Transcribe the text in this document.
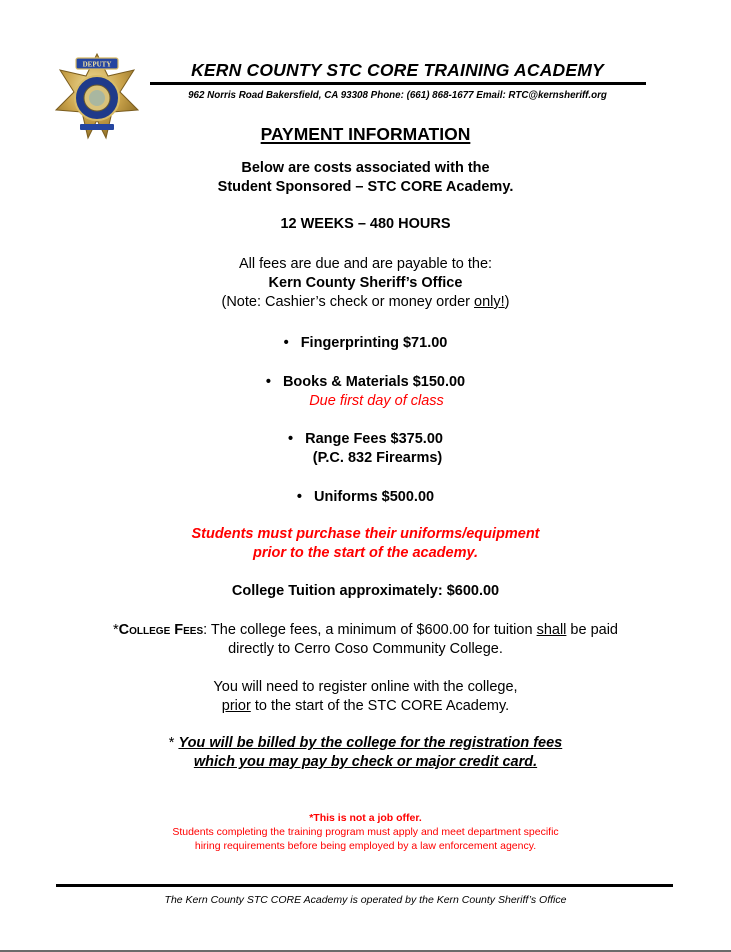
DEPUTY	KERN COUNTY STC CORE TRAINING ACADEMY
962 Norris Road Bakersfield, CA 93308 Phone: (661) 868-1677 Email: RTC@kernsheriff.org
PAYMENT INFORMATION
Below are costs associated with the
Student Sponsored – STC CORE Academy.
12 WEEKS – 480 HOURS
All fees are due and are payable to the:
Kern County Sheriff’s Office
(Note: Cashier’s check or money order only!)
• Fingerprinting $71.00
• Books & Materials $150.00
Due first day of class
• Range Fees $375.00
(P.C. 832 Firearms)
• Uniforms $500.00
Students must purchase their uniforms/equipment
prior to the start of the academy.
College Tuition approximately: $600.00
*College Fees: The college fees, a minimum of $600.00 for tuition shall be paid
directly to Cerro Coso Community College.
You will need to register online with the college,
prior to the start of the STC CORE Academy.
* You will be billed by the college for the registration fees
which you may pay by check or major credit card.
*This is not a job offer.
Students completing the training program must apply and meet department specific
hiring requirements before being employed by a law enforcement agency.
The Kern County STC CORE Academy is operated by the Kern County Sheriff’s Office
